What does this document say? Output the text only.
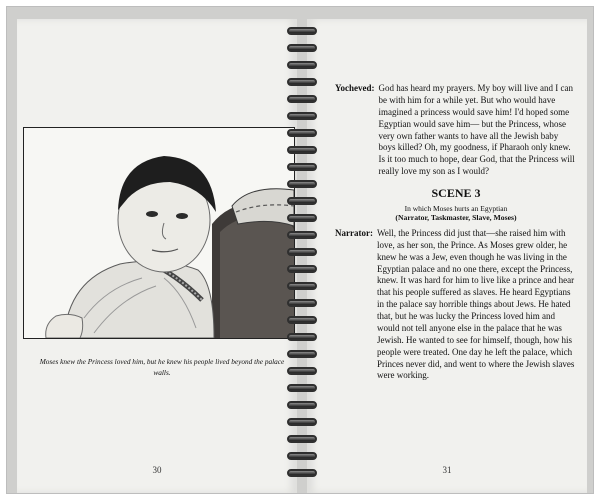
Moses knew the Princess loved him, but he knew his people lived beyond the palace walls.
30
Yocheved: God has heard my prayers. My boy will live and I can be with him for a while yet. But who would have imagined a princess would save him! I'd hoped some Egyptian would save him— but the Princess, whose very own father wants to have all the Jewish baby boys killed? Oh, my goodness, if Pharaoh only knew. Is it too much to hope, dear God, that the Princess will really love my son as I would?
SCENE 3
In which Moses hurts an Egyptian
(Narrator, Taskmaster, Slave, Moses)
Narrator: Well, the Princess did just that—she raised him with love, as her son, the Prince. As Moses grew older, he knew he was a Jew, even though he was living in the Egyptian palace and no one there, except the Princess, knew. It was hard for him to live like a prince and hear that his people suffered as slaves. He heard Egyptians in the palace say horrible things about Jews. He hated that, but he was lucky the Princess loved him and would not tell anyone else in the palace that he was Jewish. He wanted to see for himself, though, how his people were treated. One day he left the palace, which Princes never did, and went to where the Jewish slaves were working.
31
